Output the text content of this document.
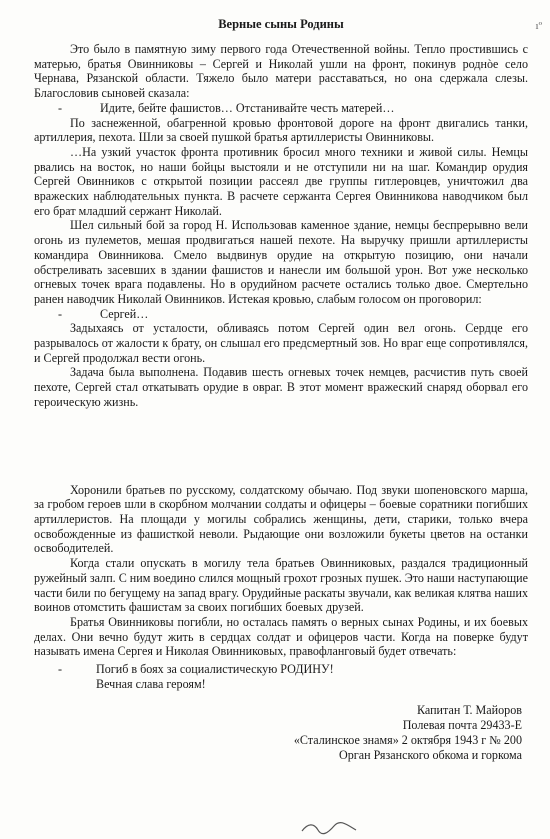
ıº
Верные сыны Родины
Это было в памятную зиму первого года Отечественной войны. Тепло простившись с матерью, братья Овинниковы – Сергей и Николай ушли на фронт, покинув роднòе село Чернава, Рязанской области. Тяжело было матери расставаться, но она сдержала слезы. Благословив сыновей сказала:
-	Идите, бейте фашистов… Отстанивайте честь матерей…
По заснеженной, обагренной кровью фронтовой дороге на фронт двигались танки, артиллерия, пехота. Шли за своей пушкой братья артиллеристы Овинниковы.
…На узкий участок фронта противник бросил много техники и живой силы. Немцы рвались на восток, но наши бойцы выстояли и не отступили ни на шаг. Командир орудия Сергей Овинников с открытой позиции рассеял две группы гитлеровцев, уничтожил два вражеских наблюдательных пункта. В расчете сержанта Сергея Овинникова наводчиком был его брат младший сержант Николай.
Шел сильный бой за город Н. Использовав каменное здание, немцы беспрерывно вели огонь из пулеметов, мешая продвигаться нашей пехоте. На выручку пришли артиллеристы командира Овинникова. Смело выдвинув орудие на открытую позицию, они начали обстреливать засевших в здании фашистов и нанесли им большой урон. Вот уже несколько огневых точек врага подавлены. Но в орудийном расчете остались только двое. Смертельно ранен наводчик Николай Овинников. Истекая кровью, слабым голосом он проговорил:
-	Сергей…
Задыхаясь от усталости, обливаясь потом Сергей один вел огонь. Сердце его разрывалось от жалости к брату, он слышал его предсмертный зов. Но враг еще сопротивлялся, и Сергей продолжал вести огонь.
Задача была выполнена. Подавив шесть огневых точек немцев, расчистив путь своей пехоте, Сергей стал откатывать орудие в овраг. В этот момент вражеский снаряд оборвал его героическую жизнь.
Хоронили братьев по русскому, солдатскому обычаю. Под звуки шопеновского марша, за гробом героев шли в скорбном молчании солдаты и офицеры – боевые соратники погибших артиллеристов. На площади у могилы собрались женщины, дети, старики, только вчера освобожденные из фашисткой неволи. Рыдающие они возложили букеты цветов на останки освободителей.
Когда стали опускать в могилу тела братьев Овинниковых, раздался традиционный ружейный залп. С ним воедино слился мощный грохот грозных пушек. Это наши наступающие части били по бегущему на запад врагу. Орудийные раскаты звучали, как великая клятва наших воинов отомстить фашистам за своих погибших боевых друзей.
Братья Овинниковы погибли, но осталась память о верных сынах Родины, и их боевых делах. Они вечно будут жить в сердцах солдат и офицеров части. Когда на поверке будут называть имена Сергея и Николая Овинниковых, правофланговый будет отвечать:
-	Погиб в боях за социалистическую РОДИНУ!
Вечная слава героям!
Капитан Т. Майоров
Полевая почта 29433-Е
«Сталинское знамя» 2 октября 1943 г № 200
Орган Рязанского обкома и горкома
